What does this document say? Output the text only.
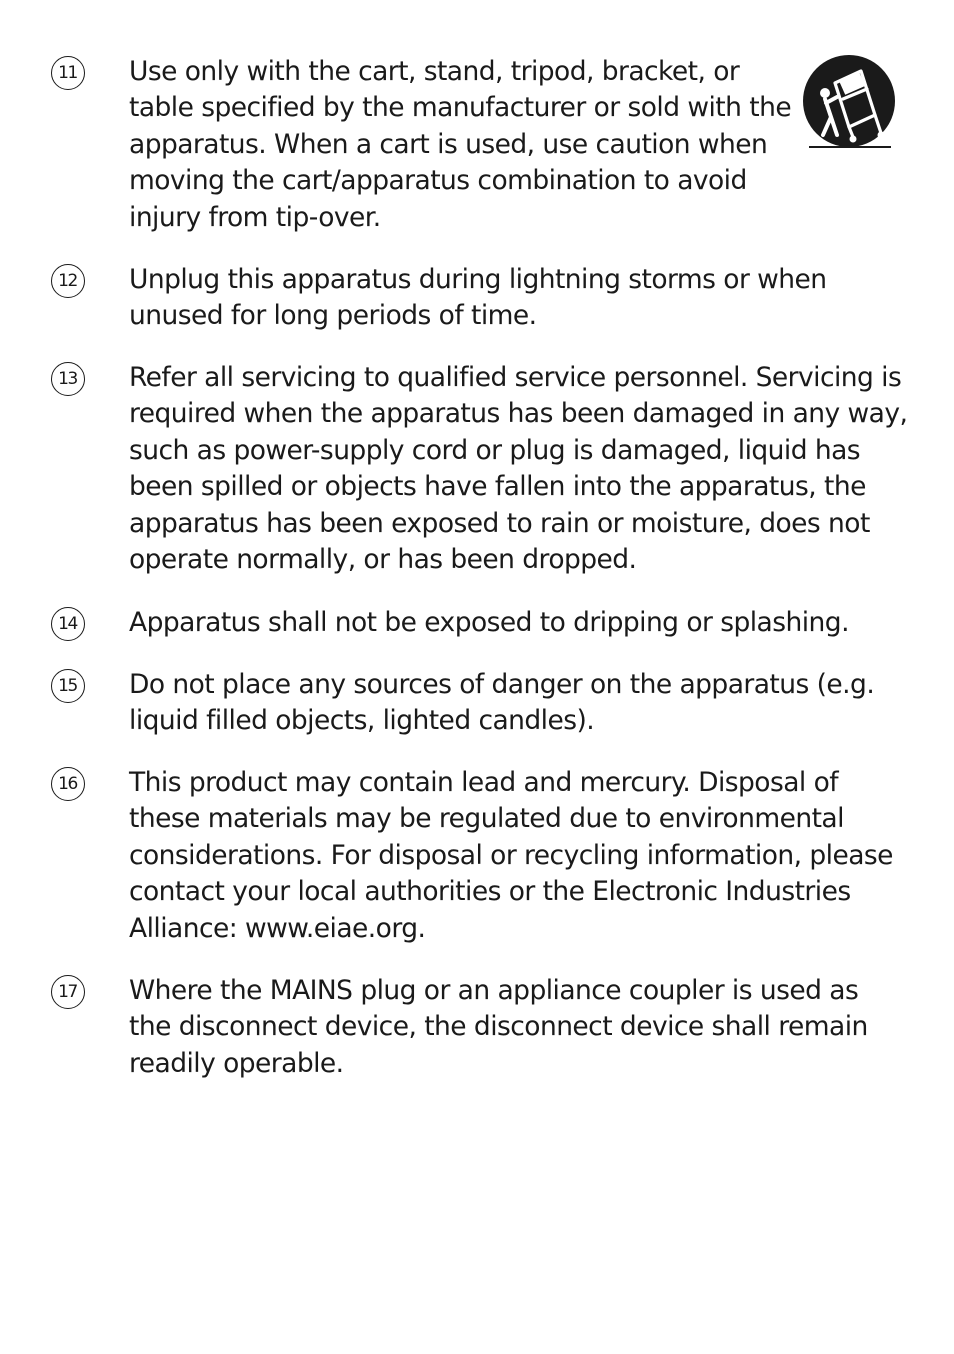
11	Use only with the cart, stand, tripod, bracket, or
table specified by the manufacturer or sold with the
apparatus. When a cart is used, use caution when
moving the cart/apparatus combination to avoid
injury from tip-over.
12	Unplug this apparatus during lightning storms or when
unused for long periods of time.
13	Refer all servicing to qualified service personnel. Servicing is
required when the apparatus has been damaged in any way,
such as power-supply cord or plug is damaged, liquid has
been spilled or objects have fallen into the apparatus, the
apparatus has been exposed to rain or moisture, does not
operate normally, or has been dropped.
14	Apparatus shall not be exposed to dripping or splashing.
15	Do not place any sources of danger on the apparatus (e.g.
liquid filled objects, lighted candles).
16	This product may contain lead and mercury. Disposal of
these materials may be regulated due to environmental
considerations. For disposal or recycling information, please
contact your local authorities or the Electronic Industries
Alliance: www.eiae.org.
17	Where the MAINS plug or an appliance coupler is used as
the disconnect device, the disconnect device shall remain
readily operable.
